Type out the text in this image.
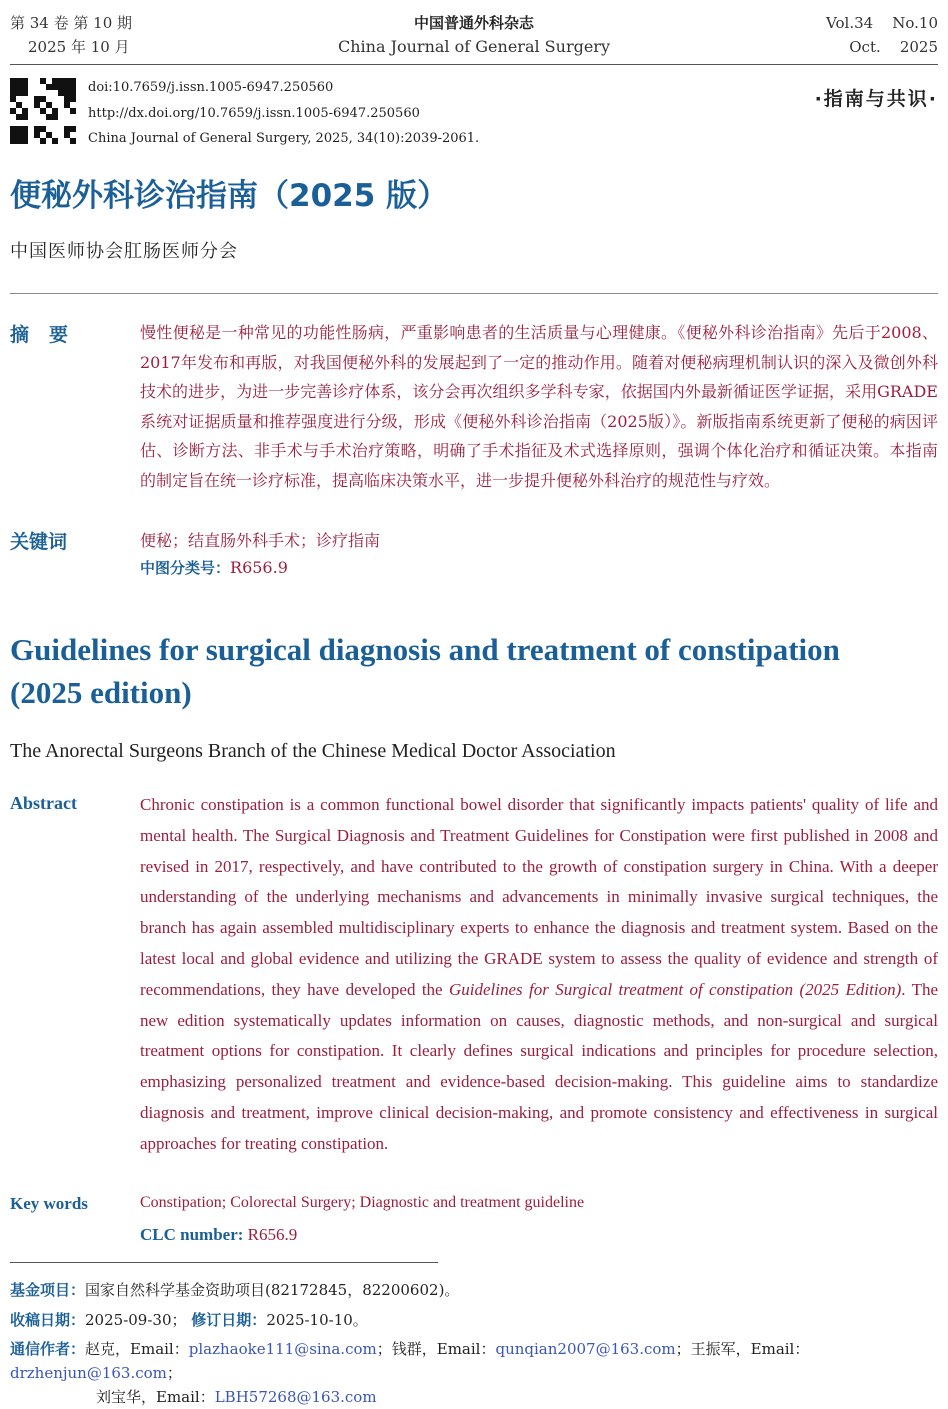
第 34 卷 第 10 期
2025 年 10 月
中国普通外科杂志
China Journal of General Surgery
Vol.34    No.10
Oct.    2025
doi:10.7659/j.issn.1005-6947.250560
http://dx.doi.org/10.7659/j.issn.1005-6947.250560
China Journal of General Surgery, 2025, 34(10):2039-2061.
·指南与共识·
便秘外科诊治指南（2025 版）
中国医师协会肛肠医师分会
摘要	慢性便秘是一种常见的功能性肠病，严重影响患者的生活质量与心理健康。《便秘外科诊治指南》先后于2008、2017年发布和再版，对我国便秘外科的发展起到了一定的推动作用。随着对便秘病理机制认识的深入及微创外科技术的进步，为进一步完善诊疗体系，该分会再次组织多学科专家，依据国内外最新循证医学证据，采用GRADE系统对证据质量和推荐强度进行分级，形成《便秘外科诊治指南（2025版）》。新版指南系统更新了便秘的病因评估、诊断方法、非手术与手术治疗策略，明确了手术指征及术式选择原则，强调个体化治疗和循证决策。本指南的制定旨在统一诊疗标准，提高临床决策水平，进一步提升便秘外科治疗的规范性与疗效。
关键词	便秘；结直肠外科手术；诊疗指南
中图分类号：R656.9
Guidelines for surgical diagnosis and treatment of constipation
(2025 edition)
The Anorectal Surgeons Branch of the Chinese Medical Doctor Association
Abstract	Chronic constipation is a common functional bowel disorder that significantly impacts patients' quality of life and mental health. The Surgical Diagnosis and Treatment Guidelines for Constipation were first published in 2008 and revised in 2017, respectively, and have contributed to the growth of constipation surgery in China. With a deeper understanding of the underlying mechanisms and advancements in minimally invasive surgical techniques, the branch has again assembled multidisciplinary experts to enhance the diagnosis and treatment system. Based on the latest local and global evidence and utilizing the GRADE system to assess the quality of evidence and strength of recommendations, they have developed the Guidelines for Surgical treatment of constipation (2025 Edition). The new edition systematically updates information on causes, diagnostic methods, and non-surgical and surgical treatment options for constipation. It clearly defines surgical indications and principles for procedure selection, emphasizing personalized treatment and evidence-based decision-making. This guideline aims to standardize diagnosis and treatment, improve clinical decision-making, and promote consistency and effectiveness in surgical approaches for treating constipation.
Key words	Constipation; Colorectal Surgery; Diagnostic and treatment guideline
CLC number: R656.9
基金项目：国家自然科学基金资助项目(82172845，82200602)。
收稿日期：2025-09-30； 修订日期：2025-10-10。
通信作者：赵克，Email：plazhaoke111@sina.com；钱群，Email：qunqian2007@163.com；王振军，Email：drzhenjun@163.com；
刘宝华，Email：LBH57268@163.com
